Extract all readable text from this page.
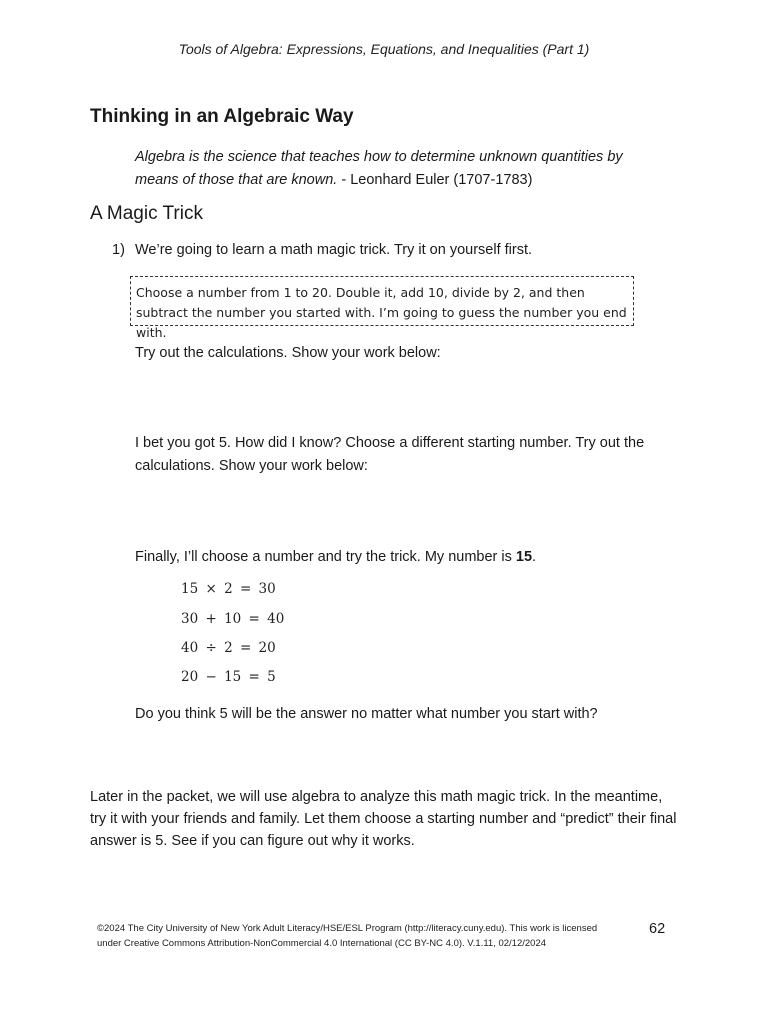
Tools of Algebra: Expressions, Equations, and Inequalities (Part 1)
Thinking in an Algebraic Way
Algebra is the science that teaches how to determine unknown quantities by means of those that are known. - Leonhard Euler (1707-1783)
A Magic Trick
1) We’re going to learn a math magic trick. Try it on yourself first.
Choose a number from 1 to 20. Double it, add 10, divide by 2, and then subtract the number you started with. I’m going to guess the number you end with.
Try out the calculations. Show your work below:
I bet you got 5. How did I know? Choose a different starting number. Try out the calculations. Show your work below:
Finally, I’ll choose a number and try the trick. My number is 15.
15 × 2 = 30
30 + 10 = 40
40 ÷ 2 = 20
20 − 15 = 5
Do you think 5 will be the answer no matter what number you start with?
Later in the packet, we will use algebra to analyze this math magic trick. In the meantime, try it with your friends and family. Let them choose a starting number and “predict” their final answer is 5. See if you can figure out why it works.
©2024 The City University of New York Adult Literacy/HSE/ESL Program (http://literacy.cuny.edu). This work is licensed
under Creative Commons Attribution-NonCommercial 4.0 International (CC BY-NC 4.0). V.1.11, 02/12/2024
62
